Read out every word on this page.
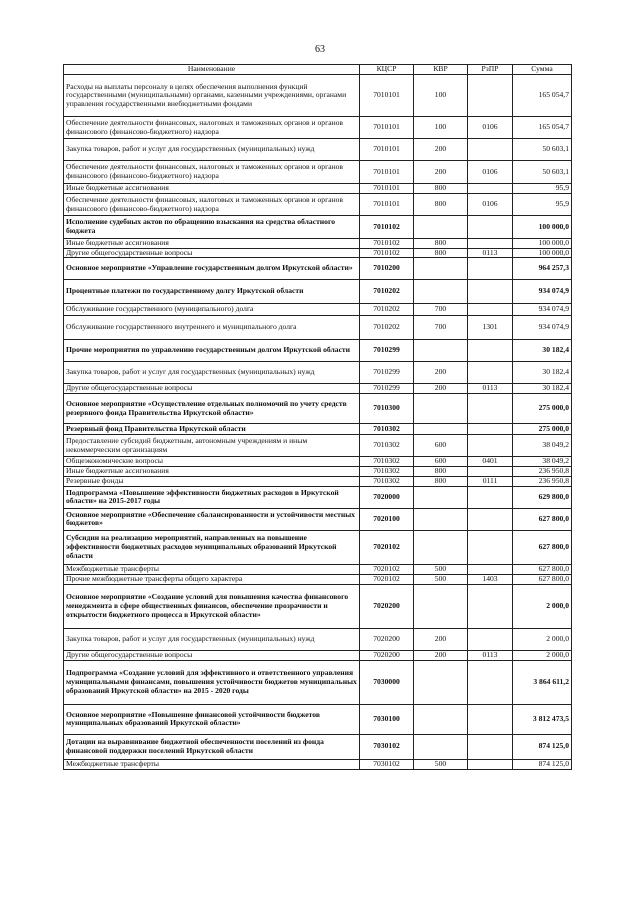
63
Наименование	КЦСР	КВР	РзПР	Сумма
Расходы на выплаты персоналу в целях обеспечения выполнения функций государственными (муниципальными) органами, казенными учреждениями, органами управления государственными внебюджетными фондами	7010101	100		165 054,7
Обеспечение деятельности финансовых, налоговых и таможенных органов и органов финансового (финансово-бюджетного) надзора	7010101	100	0106	165 054,7
Закупка товаров, работ и услуг для государственных (муниципальных) нужд	7010101	200		50 603,1
Обеспечение деятельности финансовых, налоговых и таможенных органов и органов финансового (финансово-бюджетного) надзора	7010101	200	0106	50 603,1
Иные бюджетные ассигнования	7010101	800		95,9
Обеспечение деятельности финансовых, налоговых и таможенных органов и органов финансового (финансово-бюджетного) надзора	7010101	800	0106	95,9
Исполнение судебных актов по обращению взыскания на средства областного бюджета	7010102			100 000,0
Иные бюджетные ассигнования	7010102	800		100 000,0
Другие общегосударственные вопросы	7010102	800	0113	100 000,0
Основное мероприятие «Управление государственным долгом Иркутской области»	7010200			964 257,3
Процентные платежи по государственному долгу Иркутской области	7010202			934 074,9
Обслуживание государственного (муниципального) долга	7010202	700		934 074,9
Обслуживание государственного внутреннего и муниципального долга	7010202	700	1301	934 074,9
Прочие мероприятия по управлению государственным долгом Иркутской области	7010299			30 182,4
Закупка товаров, работ и услуг для государственных (муниципальных) нужд	7010299	200		30 182,4
Другие общегосударственные вопросы	7010299	200	0113	30 182,4
Основное мероприятие «Осуществление отдельных полномочий по учету средств резервного фонда Правительства Иркутской области»	7010300			275 000,0
Резервный фонд Правительства Иркутской области	7010302			275 000,0
Предоставление субсидий бюджетным, автономным учреждениям и иным некоммерческим организациям	7010302	600		38 049,2
Общеэкономические вопросы	7010302	600	0401	38 049,2
Иные бюджетные ассигнования	7010302	800		236 950,8
Резервные фонды	7010302	800	0111	236 950,8
Подпрограмма «Повышение эффективности бюджетных расходов в Иркутской области» на 2015-2017 годы	7020000			629 800,0
Основное мероприятие «Обеспечение сбалансированности и устойчивости местных бюджетов»	7020100			627 800,0
Субсидии на реализацию мероприятий, направленных на повышение эффективности бюджетных расходов муниципальных образований Иркутской области	7020102			627 800,0
Межбюджетные трансферты	7020102	500		627 800,0
Прочие межбюджетные трансферты общего характера	7020102	500	1403	627 800,0
Основное мероприятие «Создание условий для повышения качества финансового менеджмента в сфере общественных финансов, обеспечение прозрачности и открытости бюджетного процесса в Иркутской области»	7020200			2 000,0
Закупка товаров, работ и услуг для государственных (муниципальных) нужд	7020200	200		2 000,0
Другие общегосударственные вопросы	7020200	200	0113	2 000,0
Подпрограмма «Создание условий для эффективного и ответственного управления муниципальными финансами, повышения устойчивости бюджетов муниципальных образований Иркутской области» на 2015 - 2020 годы	7030000			3 864 611,2
Основное мероприятие «Повышение финансовой устойчивости бюджетов муниципальных образований Иркутской области»	7030100			3 812 473,5
Дотации на выравнивание бюджетной обеспеченности поселений из фонда финансовой поддержки поселений Иркутской области	7030102			874 125,0
Межбюджетные трансферты	7030102	500		874 125,0
